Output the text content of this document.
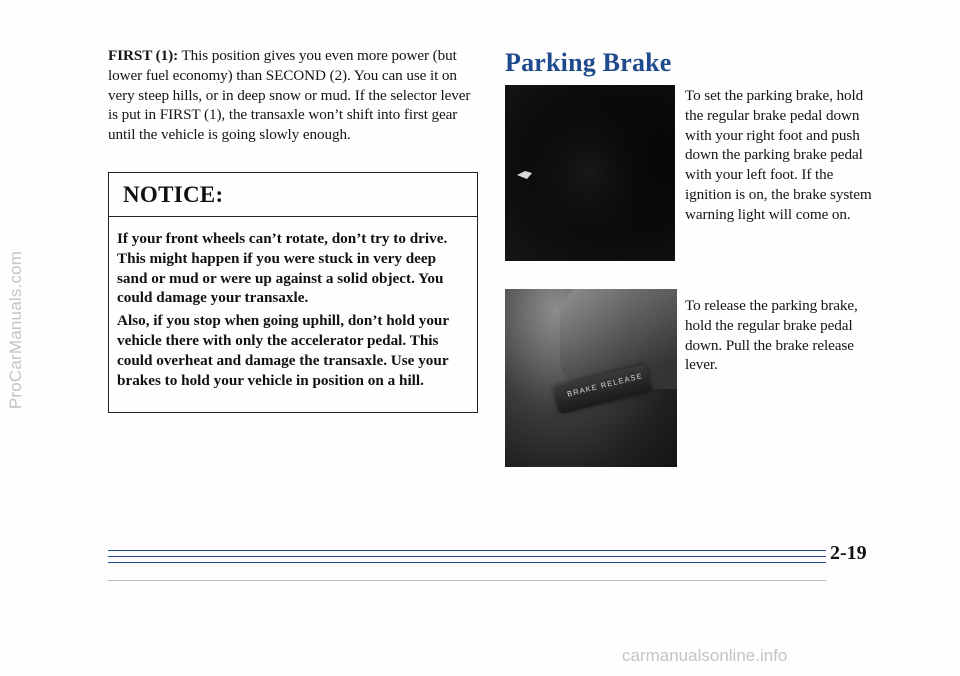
ProCarManuals.com

FIRST (1): This position gives you even more power (but lower fuel economy) than SECOND (2). You can use it on very steep hills, or in deep snow or mud. If the selector lever is put in FIRST (1), the transaxle won’t shift into first gear until the vehicle is going slowly enough.

NOTICE:

If your front wheels can’t rotate, don’t try to drive. This might happen if you were stuck in very deep sand or mud or were up against a solid object. You could damage your transaxle.

Also, if you stop when going uphill, don’t hold your vehicle there with only the accelerator pedal. This could overheat and damage the transaxle. Use your brakes to hold your vehicle in position on a hill.

Parking Brake
BRAKE RELEASE

To set the parking brake, hold the regular brake pedal down with your right foot and push down the parking brake pedal with your left foot. If the ignition is on, the brake system warning light will come on.

To release the parking brake, hold the regular brake pedal down. Pull the brake release lever.

2-19

carmanualsonline.info
